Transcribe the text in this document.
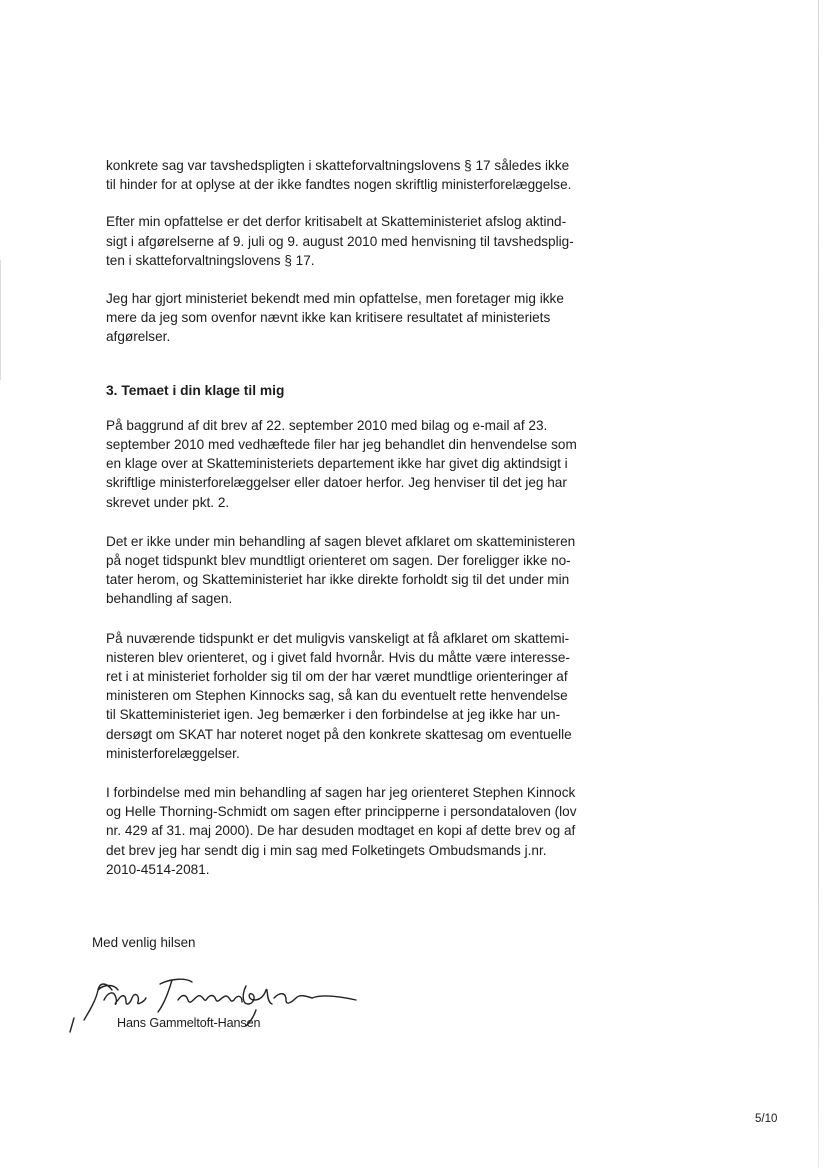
konkrete sag var tavshedspligten i skatteforvaltningslovens § 17 således ikke
til hinder for at oplyse at der ikke fandtes nogen skriftlig ministerforelæggelse.

Efter min opfattelse er det derfor kritisabelt at Skatteministeriet afslog aktind-
sigt i afgørelserne af 9. juli og 9. august 2010 med henvisning til tavshedsplig-
ten i skatteforvaltningslovens § 17.

Jeg har gjort ministeriet bekendt med min opfattelse, men foretager mig ikke
mere da jeg som ovenfor nævnt ikke kan kritisere resultatet af ministeriets
afgørelser.

3. Temaet i din klage til mig

På baggrund af dit brev af 22. september 2010 med bilag og e-mail af 23.
september 2010 med vedhæftede filer har jeg behandlet din henvendelse som
en klage over at Skatteministeriets departement ikke har givet dig aktindsigt i
skriftlige ministerforelæggelser eller datoer herfor. Jeg henviser til det jeg har
skrevet under pkt. 2.

Det er ikke under min behandling af sagen blevet afklaret om skatteministeren
på noget tidspunkt blev mundtligt orienteret om sagen. Der foreligger ikke no-
tater herom, og Skatteministeriet har ikke direkte forholdt sig til det under min
behandling af sagen.

På nuværende tidspunkt er det muligvis vanskeligt at få afklaret om skattemi-
nisteren blev orienteret, og i givet fald hvornår. Hvis du måtte være interesse-
ret i at ministeriet forholder sig til om der har været mundtlige orienteringer af
ministeren om Stephen Kinnocks sag, så kan du eventuelt rette henvendelse
til Skatteministeriet igen. Jeg bemærker i den forbindelse at jeg ikke har un-
dersøgt om SKAT har noteret noget på den konkrete skattesag om eventuelle
ministerforelæggelser.

I forbindelse med min behandling af sagen har jeg orienteret Stephen Kinnock
og Helle Thorning-Schmidt om sagen efter principperne i persondataloven (lov
nr. 429 af 31. maj 2000). De har desuden modtaget en kopi af dette brev og af
det brev jeg har sendt dig i min sag med Folketingets Ombudsmands j.nr.
2010-4514-2081.

Med venlig hilsen

Hans Gammeltoft-Hansen

5/10
